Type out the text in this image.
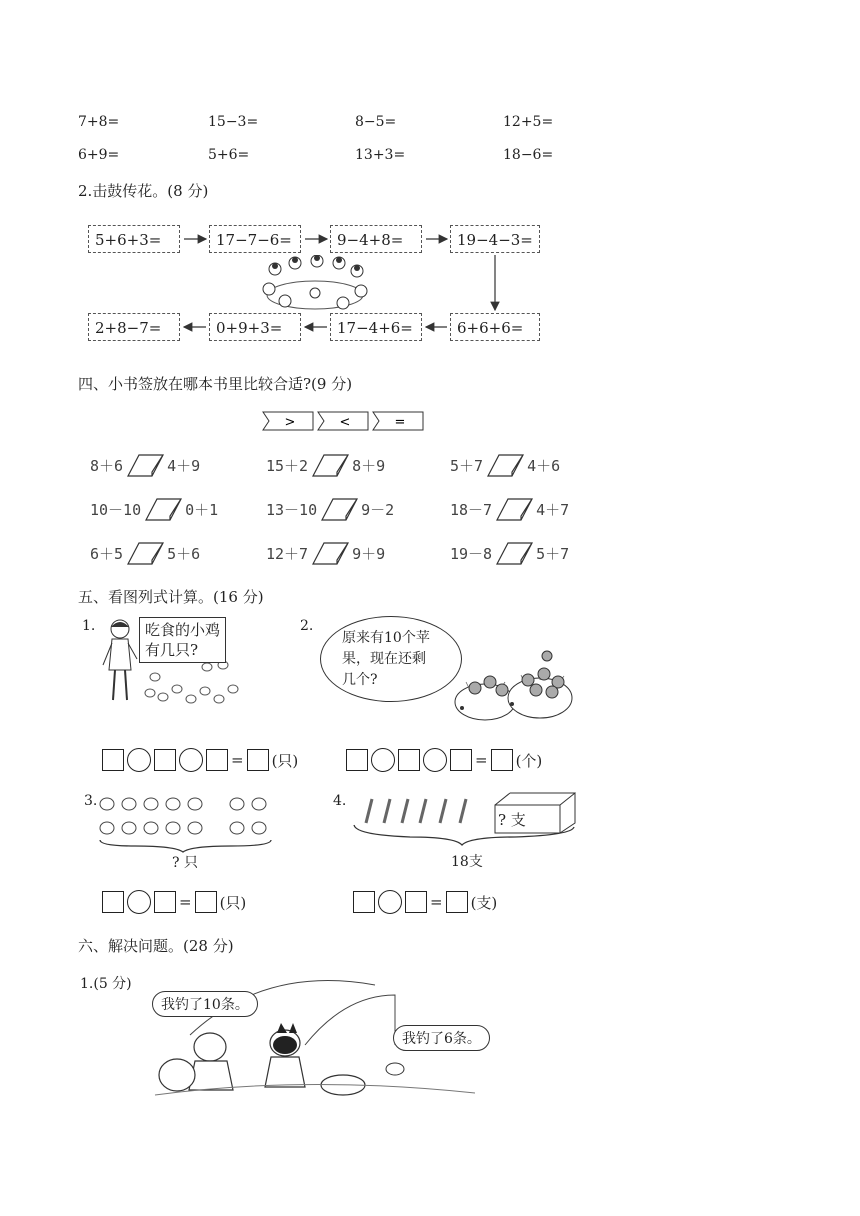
7+8=	15−3=	8−5=	12+5=
6+9=	5+6=	13+3=	18−6=
2.击鼓传花。(8 分)
5+6+3=	17−7−6=	9−4+8=	19−4−3=
2+8−7=	0+9+3=	17−4+6=	6+6+6=
四、小书签放在哪本书里比较合适?(9 分)
>	<	=
8＋6	4＋9	15＋2	8＋9	5＋7	4＋6
10－10	0＋1	13－10	9－2	18－7	4＋7
6＋5	5＋6	12＋7	9＋9	19－8	5＋7
五、看图列式计算。(16 分)
1.	吃食的小鸡
有几只?
2.
原来有10个苹
果，现在还剩
几个?
= (只)	= (个)
3.
? 只
4.
? 支
18支
= (只)	= (支)
六、解决问题。(28 分)
1.(5 分)
我钓了10条。
我钓了6条。
